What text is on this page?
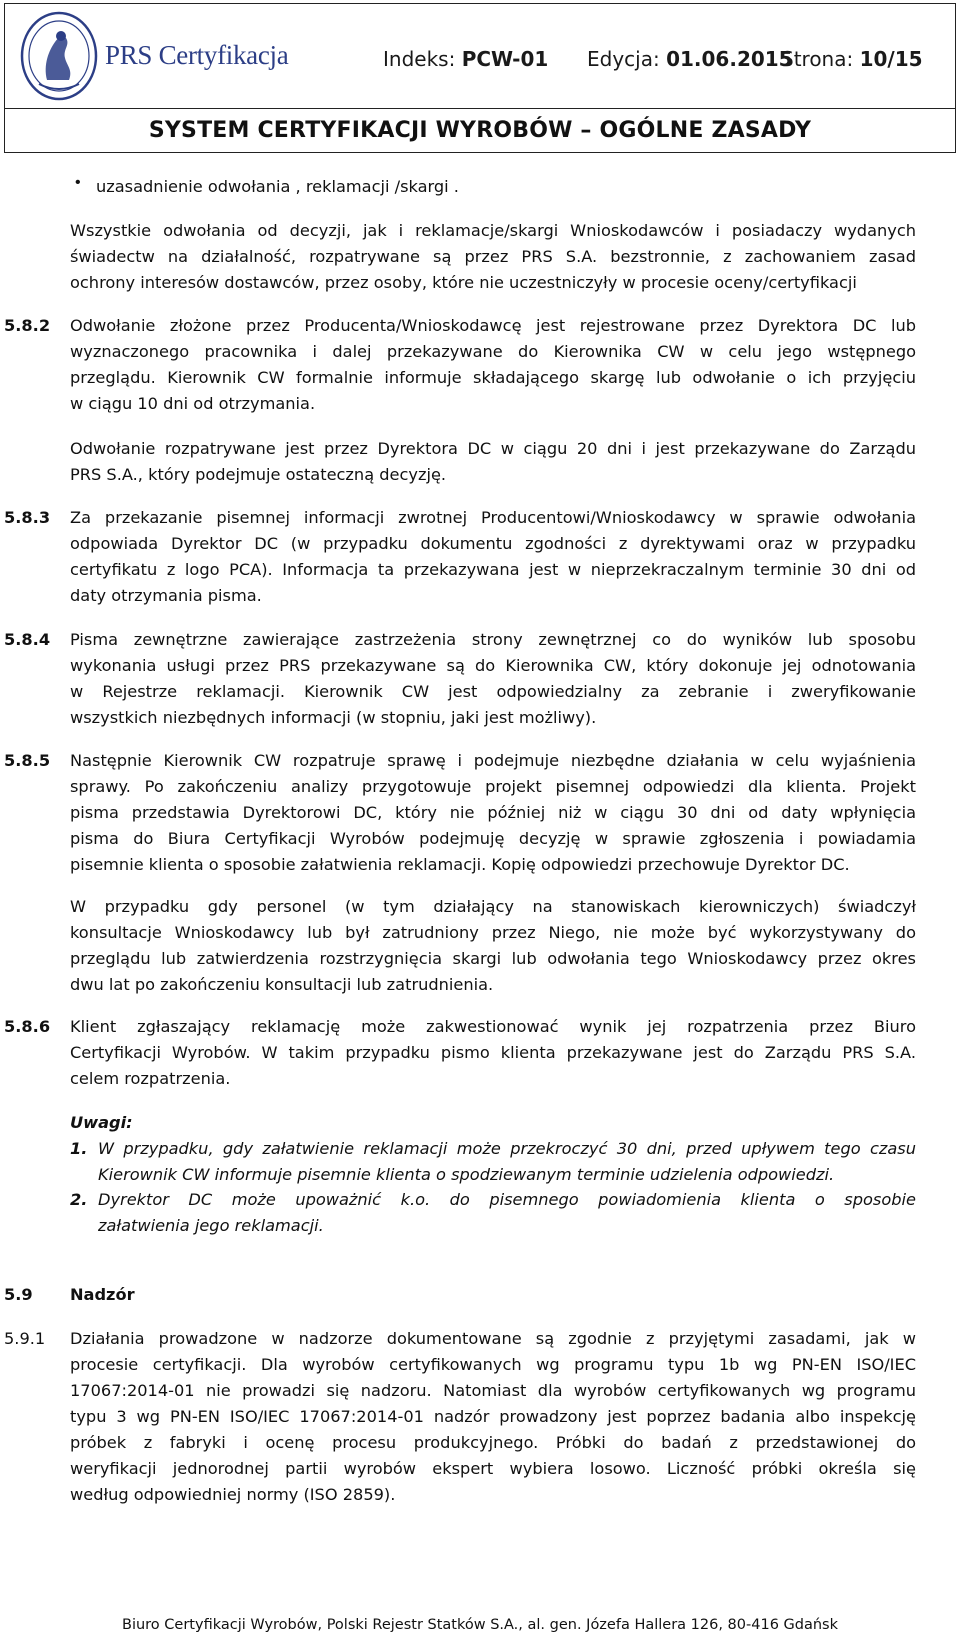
PRS Certyfikacja	Indeks: PCW-01 Edycja: 01.06.2015
Strona: 10/15
SYSTEM CERTYFIKACJI WYROBÓW – OGÓLNE ZASADY
• uzasadnienie odwołania , reklamacji /skargi .
Wszystkie odwołania od decyzji, jak i reklamacje/skargi Wnioskodawców i posiadaczy wydanych
świadectw na działalność, rozpatrywane są przez PRS S.A. bezstronnie, z zachowaniem zasad
ochrony interesów dostawców, przez osoby, które nie uczestniczyły w procesie oceny/certyfikacji
5.8.2 Odwołanie złożone przez Producenta/Wnioskodawcę jest rejestrowane przez Dyrektora DC lub
wyznaczonego pracownika i dalej przekazywane do Kierownika CW w celu jego wstępnego
przeglądu. Kierownik CW formalnie informuje składającego skargę lub odwołanie o ich przyjęciu
w ciągu 10 dni od otrzymania.
Odwołanie rozpatrywane jest przez Dyrektora DC w ciągu 20 dni i jest przekazywane do Zarządu
PRS S.A., który podejmuje ostateczną decyzję.
5.8.3 Za przekazanie pisemnej informacji zwrotnej Producentowi/Wnioskodawcy w sprawie odwołania
odpowiada Dyrektor DC (w przypadku dokumentu zgodności z dyrektywami oraz w przypadku
certyfikatu z logo PCA). Informacja ta przekazywana jest w nieprzekraczalnym terminie 30 dni od
daty otrzymania pisma.
5.8.4 Pisma zewnętrzne zawierające zastrzeżenia strony zewnętrznej co do wyników lub sposobu
wykonania usługi przez PRS przekazywane są do Kierownika CW, który dokonuje jej odnotowania
w Rejestrze reklamacji. Kierownik CW jest odpowiedzialny za zebranie i zweryfikowanie
wszystkich niezbędnych informacji (w stopniu, jaki jest możliwy).
5.8.5 Następnie Kierownik CW rozpatruje sprawę i podejmuje niezbędne działania w celu wyjaśnienia
sprawy. Po zakończeniu analizy przygotowuje projekt pisemnej odpowiedzi dla klienta. Projekt
pisma przedstawia Dyrektorowi DC, który nie później niż w ciągu 30 dni od daty wpłynięcia
pisma do Biura Certyfikacji Wyrobów podejmuję decyzję w sprawie zgłoszenia i powiadamia
pisemnie klienta o sposobie załatwienia reklamacji. Kopię odpowiedzi przechowuje Dyrektor DC.
W przypadku gdy personel (w tym działający na stanowiskach kierowniczych) świadczył
konsultacje Wnioskodawcy lub był zatrudniony przez Niego, nie może być wykorzystywany do
przeglądu lub zatwierdzenia rozstrzygnięcia skargi lub odwołania tego Wnioskodawcy przez okres
dwu lat po zakończeniu konsultacji lub zatrudnienia.
5.8.6 Klient zgłaszający reklamację może zakwestionować wynik jej rozpatrzenia przez Biuro
Certyfikacji Wyrobów. W takim przypadku pismo klienta przekazywane jest do Zarządu PRS S.A.
celem rozpatrzenia.
Uwagi:
1. W przypadku, gdy załatwienie reklamacji może przekroczyć 30 dni, przed upływem tego czasu
Kierownik CW informuje pisemnie klienta o spodziewanym terminie udzielenia odpowiedzi.
2. Dyrektor DC może upoważnić k.o. do pisemnego powiadomienia klienta o sposobie
załatwienia jego reklamacji.
5.9 Nadzór
5.9.1 Działania prowadzone w nadzorze dokumentowane są zgodnie z przyjętymi zasadami, jak w
procesie certyfikacji. Dla wyrobów certyfikowanych wg programu typu 1b wg PN-EN ISO/IEC
17067:2014-01 nie prowadzi się nadzoru. Natomiast dla wyrobów certyfikowanych wg programu
typu 3 wg PN-EN ISO/IEC 17067:2014-01 nadzór prowadzony jest poprzez badania albo inspekcję
próbek z fabryki i ocenę procesu produkcyjnego. Próbki do badań z przedstawionej do
weryfikacji jednorodnej partii wyrobów ekspert wybiera losowo. Liczność próbki określa się
według odpowiedniej normy (ISO 2859).
Biuro Certyfikacji Wyrobów, Polski Rejestr Statków S.A., al. gen. Józefa Hallera 126, 80-416 Gdańsk
